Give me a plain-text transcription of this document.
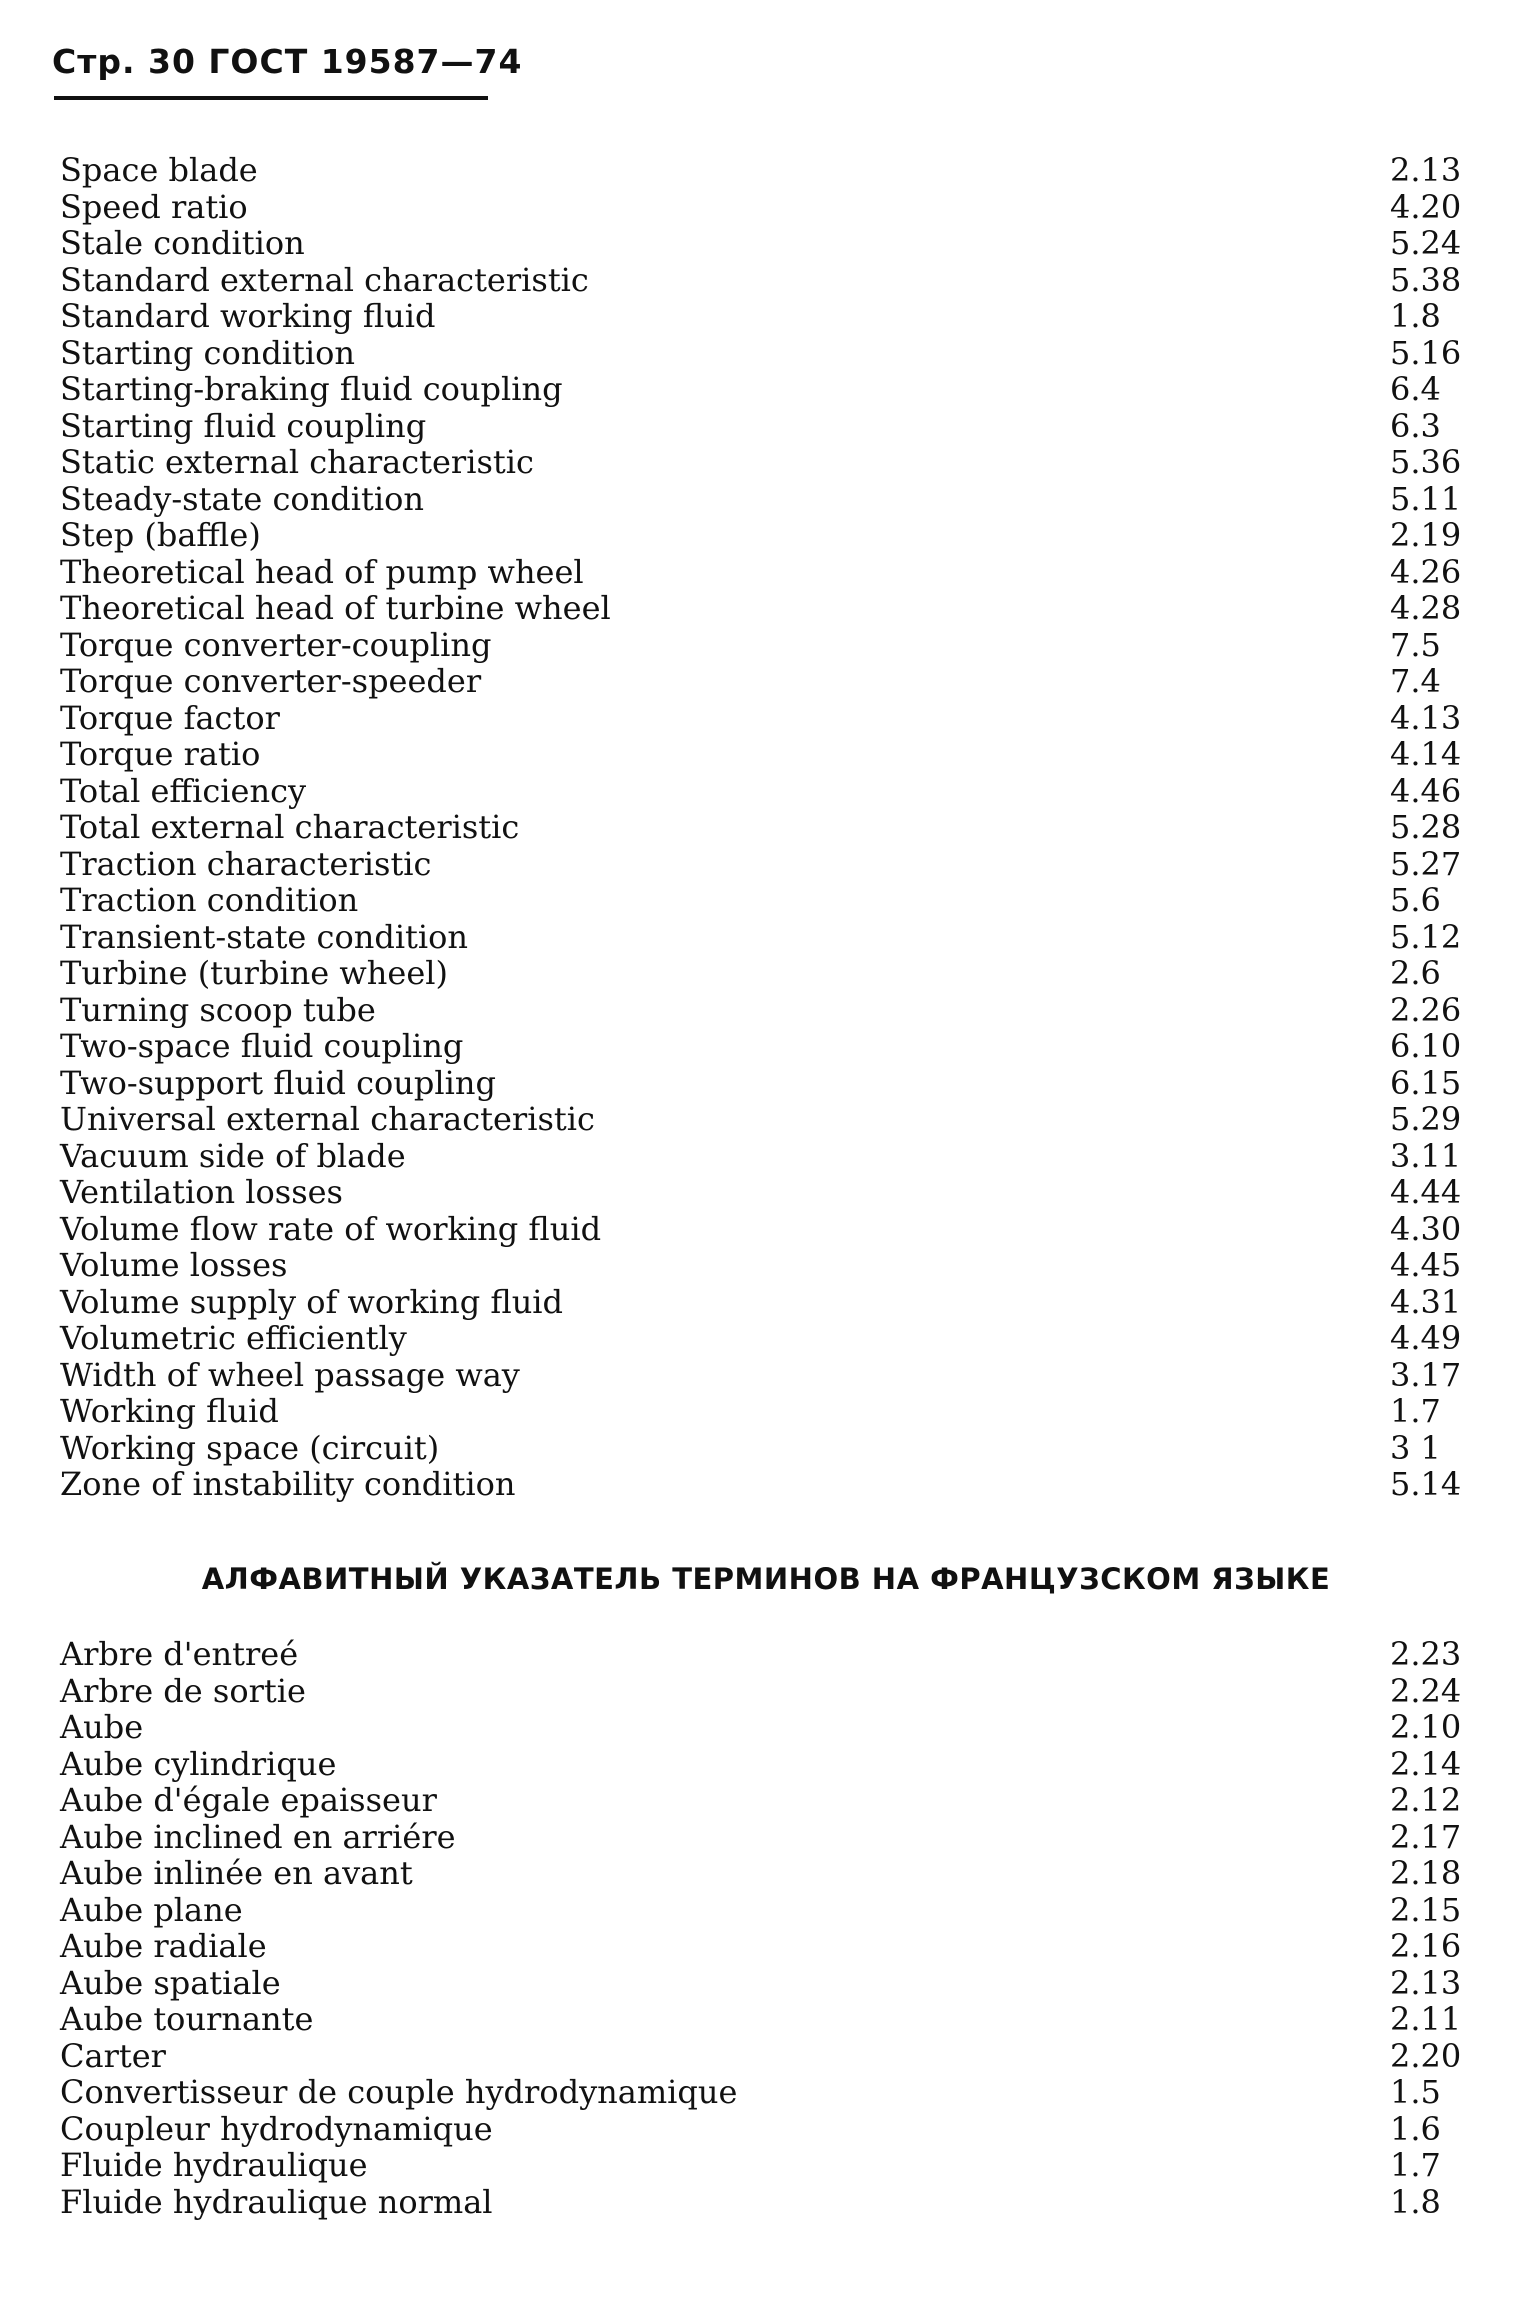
Стр. 30 ГОСТ 19587—74
Space blade	2.13
Speed ratio	4.20
Stale condition	5.24
Standard external characteristic	5.38
Standard working fluid	1.8
Starting condition	5.16
Starting-braking fluid coupling	6.4
Starting fluid coupling	6.3
Static external characteristic	5.36
Steady-state condition	5.11
Step (baffle)	2.19
Theoretical head of pump wheel	4.26
Theoretical head of turbine wheel	4.28
Torque converter-coupling	7.5
Torque converter-speeder	7.4
Torque factor	4.13
Torque ratio	4.14
Total efficiency	4.46
Total external characteristic	5.28
Traction characteristic	5.27
Traction condition	5.6
Transient-state condition	5.12
Turbine (turbine wheel)	2.6
Turning scoop tube	2.26
Two-space fluid coupling	6.10
Two-support fluid coupling	6.15
Universal external characteristic	5.29
Vacuum side of blade	3.11
Ventilation losses	4.44
Volume flow rate of working fluid	4.30
Volume losses	4.45
Volume supply of working fluid	4.31
Volumetric efficiently	4.49
Width of wheel passage way	3.17
Working fluid	1.7
Working space (circuit)	3 1
Zone of instability condition	5.14
АЛФАВИТНЫЙ УКАЗАТЕЛЬ ТЕРМИНОВ НА ФРАНЦУЗСКОМ ЯЗЫКЕ
Arbre d'entreé	2.23
Arbre de sortie	2.24
Aube	2.10
Aube cylindrique	2.14
Aube d'égale epaisseur	2.12
Aube inclined en arriére	2.17
Aube inlinée en avant	2.18
Aube plane	2.15
Aube radiale	2.16
Aube spatiale	2.13
Aube tournante	2.11
Carter	2.20
Convertisseur de couple hydrodynamique	1.5
Coupleur hydrodynamique	1.6
Fluide hydraulique	1.7
Fluide hydraulique normal	1.8
